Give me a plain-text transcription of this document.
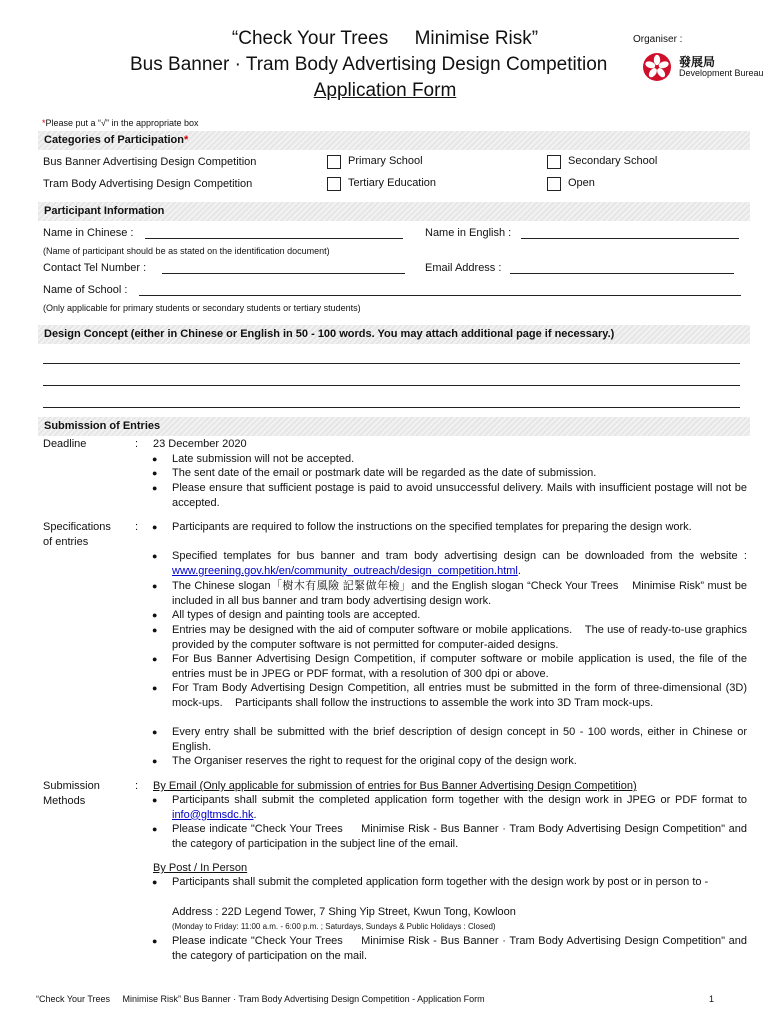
“Check Your Trees     Minimise Risk”
Bus Banner · Tram Body Advertising Design Competition
Application Form
Organiser :
發展局
Development Bureau
*Please put a “√” in the appropriate box
Categories of Participation*
Bus Banner Advertising Design Competition	Primary School	Secondary School
Tram Body Advertising Design Competition	Tertiary Education	Open
Participant Information
Name in Chinese :	Name in English :
(Name of participant should be as stated on the identification document)
Contact Tel Number :	Email Address :
Name of School :
(Only applicable for primary students or secondary students or tertiary students)
Design Concept (either in Chinese or English in 50 - 100 words. You may attach additional page if necessary.)
Submission of Entries
Deadline	: 23 December 2020
● Late submission will not be accepted.
● The sent date of the email or postmark date will be regarded as the date of submission.
● Please ensure that sufficient postage is paid to avoid unsuccessful delivery. Mails with insufficient postage will not be accepted.
Specifications
of entries
: ● Participants are required to follow the instructions on the specified templates for preparing the design work.
● Specified templates for bus banner and tram body advertising design can be downloaded from the website : www.greening.gov.hk/en/community_outreach/design_competition.html.
● The Chinese slogan「樹木有風險 記緊做年檢」and the English slogan “Check Your Trees    Minimise Risk” must be included in all bus banner and tram body advertising design work.
● All types of design and painting tools are accepted.
● Entries may be designed with the aid of computer software or mobile applications.    The use of ready-to-use graphics provided by the computer software is not permitted for computer-aided designs.
● For Bus Banner Advertising Design Competition, if computer software or mobile application is used, the file of the entries must be in JPEG or PDF format, with a resolution of 300 dpi or above.
● For Tram Body Advertising Design Competition, all entries must be submitted in the form of three-dimensional (3D) mock-ups.    Participants shall follow the instructions to assemble the work into 3D Tram mock-ups.
● Every entry shall be submitted with the brief description of design concept in 50 - 100 words, either in Chinese or English.
● The Organiser reserves the right to request for the original copy of the design work.
Submission
Methods
: By Email (Only applicable for submission of entries for Bus Banner Advertising Design Competition)
● Participants shall submit the completed application form together with the design work in JPEG or PDF format to info@gltmsdc.hk.
● Please indicate "Check Your Trees     Minimise Risk - Bus Banner · Tram Body Advertising Design Competition" and the category of participation in the subject line of the email.
By Post / In Person
● Participants shall submit the completed application form together with the design work by post or in person to -
Address : 22D Legend Tower, 7 Shing Yip Street, Kwun Tong, Kowloon
(Monday to Friday: 11:00 a.m. - 6:00 p.m. ; Saturdays, Sundays & Public Holidays : Closed)
● Please indicate "Check Your Trees     Minimise Risk - Bus Banner · Tram Body Advertising Design Competition" and the category of participation on the mail.
“Check Your Trees     Minimise Risk” Bus Banner · Tram Body Advertising Design Competition - Application Form	1
